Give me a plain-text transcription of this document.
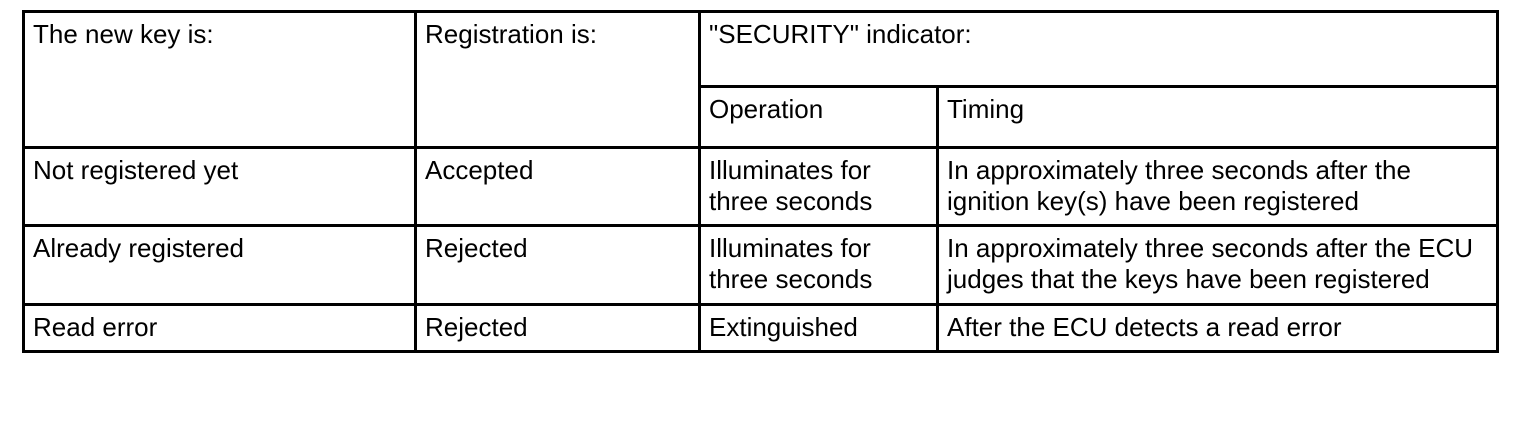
The new key is:	Registration is:	"SECURITY" indicator:	
		Operation	Timing
Not registered yet	Accepted	Illuminates for three seconds	In approximately three seconds after the ignition key(s) have been registered
Already registered	Rejected	Illuminates for three seconds	In approximately three seconds after the ECU judges that the keys have been registered
Read error	Rejected	Extinguished	After the ECU detects a read error
